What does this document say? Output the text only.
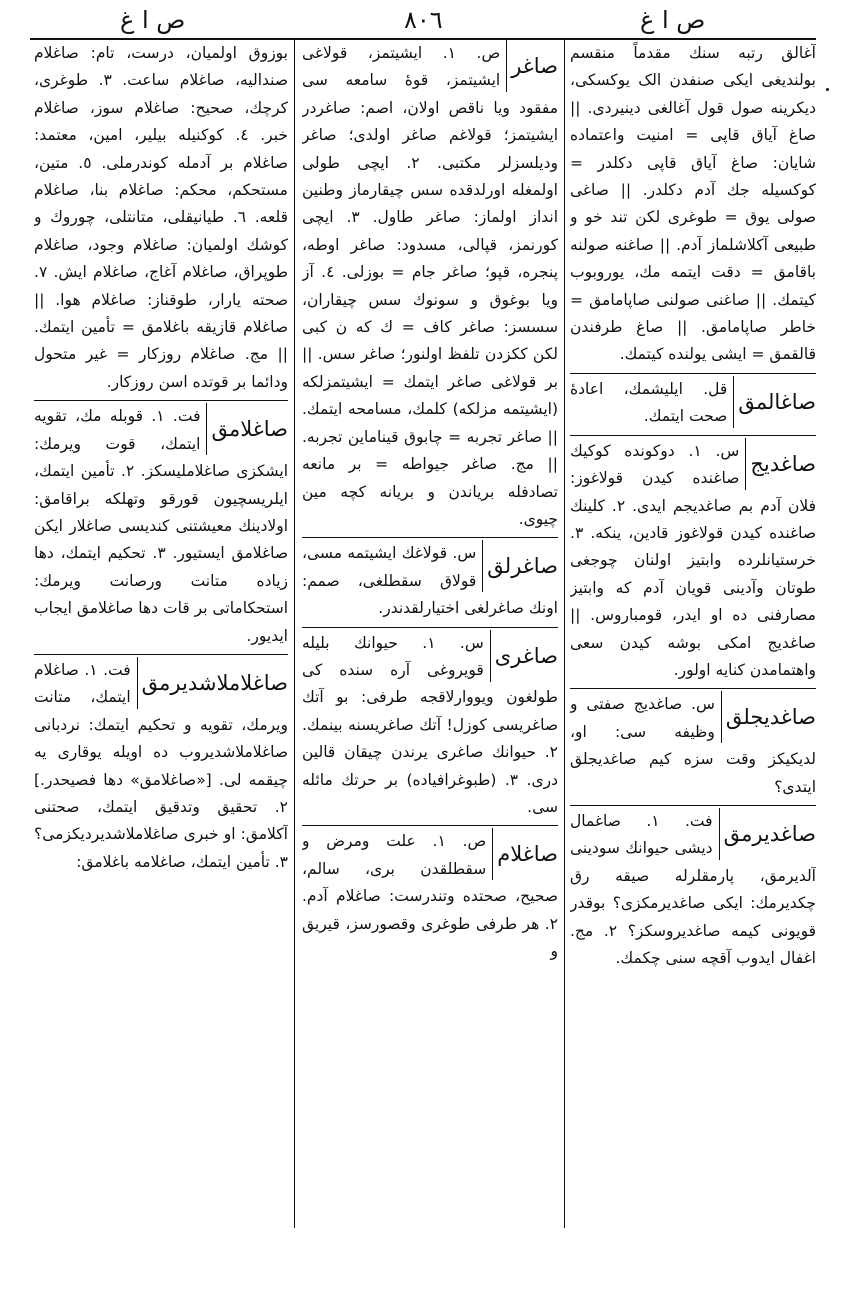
ص ا غ	٨٠٦	ص ا غ

آغالق رتبه سنك مقدماً منقسم بولندیغی ایکی صنفدن الک یوکسکی، دیکرینه صول قول آغالغی دینیردی. || صاغ آیاق قاپی = امنیت واعتماده شایان: صاغ آیاق قاپی دکلدر = کوکسیله جك آدم دکلدر. || صاغی صولی یوق = طوغری لکن تند خو و طبیعی آکلاشلماز آدم. || صاغنه صولنه باقامق = دقت ایتمه مك، یوروبوب کیتمك. || صاغنی صولنی صاپامامق = خاطر صاپامامق. || صاغ طرفندن قالقمق = ایشی یولنده کیتمك.

صاغالمق
قل. ایلیشمك، اعادهٔ صحت ایتمك.

صاغدیج
س. ١. دوکونده کوکیك صاغنده کیدن قولاغوز: فلان آدم بم صاغدیجم ایدی. ٢. کلینك صاغنده کیدن قولاغوز قادین، ینکه. ٣. خرستیانلرده وابتیز اولنان چوجغی طوتان وآدینی قویان آدم که وابتیز مصارفنی ده او ایدر، قومباروس. || صاغدیج امکی بوشه کیدن سعی واهتمامدن کنایه اولور.

صاغدیجلق
س. صاغدیج صفتی و وظیفه سی: او، لدیکیکز وقت سزه کیم صاغدیجلق ایتدی؟

صاغدیرمق
فت. ١. صاغمال دیشی حیوانك سودینی آلدیرمق، پارمقلرله صیقه رق چکدیرمك: ایکی صاغدیرمکزی؟ بوقدر قویونی کیمه صاغدیروسکز؟ ٢. مج. اغفال ایدوب آقچه سنی چکمك.

صاغر
ص. ١. ایشیتمز، قولاغی ایشیتمز، قوهٔ سامعه سی مفقود ویا ناقص اولان، اصم: صاغردر ایشیتمز؛ قولاغم صاغر اولدی؛ صاغر ودیلسزلر مکتبی. ٢. ایچی طولی اولمغله اورلدقده سس چیقارماز وطنین انداز اولماز: صاغر طاول. ٣. ایچی کورنمز، قپالی، مسدود: صاغر اوطه، پنجره، قپو؛ صاغر جام = بوزلی. ٤. آز ویا بوغوق و سونوك سس چیقاران، سسسز: صاغر کاف = ك که ن کبی لکن ککزدن تلفظ اولنور؛ صاغر سس. || بر قولاغی صاغر ایتمك = ایشیتمزلکه (ایشیتمه مزلکه) کلمك، مسامحه ایتمك. || صاغر تجربه = چابوق قیناماین تجربه. || مج. صاغر جیواطه = بر مانعه تصادفله بریاندن و بریانه کچه مین چیوی.

صاغرلق
س. قولاغك ایشیتمه مسی، قولاق سقطلغی، صمم: اونك صاغرلغی اختیارلقدندر.

صاغری
س. ١. حیوانك بلیله قویروغی آره سنده کی طولغون ویووارلاقجه طرفی: بو آتك صاغریسی کوزل! آتك صاغریسنه بینمك. ٢. حیوانك صاغری یرندن چیقان قالین دری. ٣. (طبوغرافیاده) بر حرتك مائله سی.

صاغلام
ص. ١. علت ومرض و سقطلقدن بری، سالم، صحیح، صحتده وتندرست: صاغلام آدم. ٢. هر طرفی طوغری وقصورسز، قیریق و

بوزوق اولمیان، درست، تام: صاغلام صندالیه، صاغلام ساعت. ٣. طوغری، کرچك، صحیح: صاغلام سوز، صاغلام خبر. ٤. کوکنیله بیلیر، امین، معتمد: صاغلام بر آدمله کوندرملی. ٥. متین، مستحکم، محکم: صاغلام بنا، صاغلام قلعه. ٦. طیانیقلی، متانتلی، چوروك و کوشك اولمیان: صاغلام وجود، صاغلام طوپراق، صاغلام آغاج، صاغلام ایش. ٧. صحته یارار، طوقناز: صاغلام هوا. || صاغلام قازیقه باغلامق = تأمین ایتمك. || مج. صاغلام روزکار = غیر متحول ودائما بر قوتده اسن روزکار.

صاغلامق
فت. ١. قوبله مك، تقویه ایتمك، قوت ویرمك: ایشکزی صاغلاملیسکز. ٢. تأمین ایتمك، ایلریسچیون قورقو وتهلکه براقامق: اولادینك معیشتنی کندیسی صاغلار ایکن صاغلامق ایستیور. ٣. تحکیم ایتمك، دها زیاده متانت ورصانت ویرمك: استحکاماتی بر قات دها صاغلامق ایجاب ایدیور.

صاغلاملاشدیرمق
فت. ١. صاغلام ایتمك، متانت ویرمك، تقویه و تحکیم ایتمك: نردبانی صاغلاملاشدیروب ده اویله یوقاری یه چیقمه لی. [«صاغلامق» دها فصیحدر.] ٢. تحقیق وتدقیق ایتمك، صحتنی آکلامق: او خبری صاغلاملاشدیردیکزمی؟ ٣. تأمین ایتمك، صاغلامه باغلامق:
